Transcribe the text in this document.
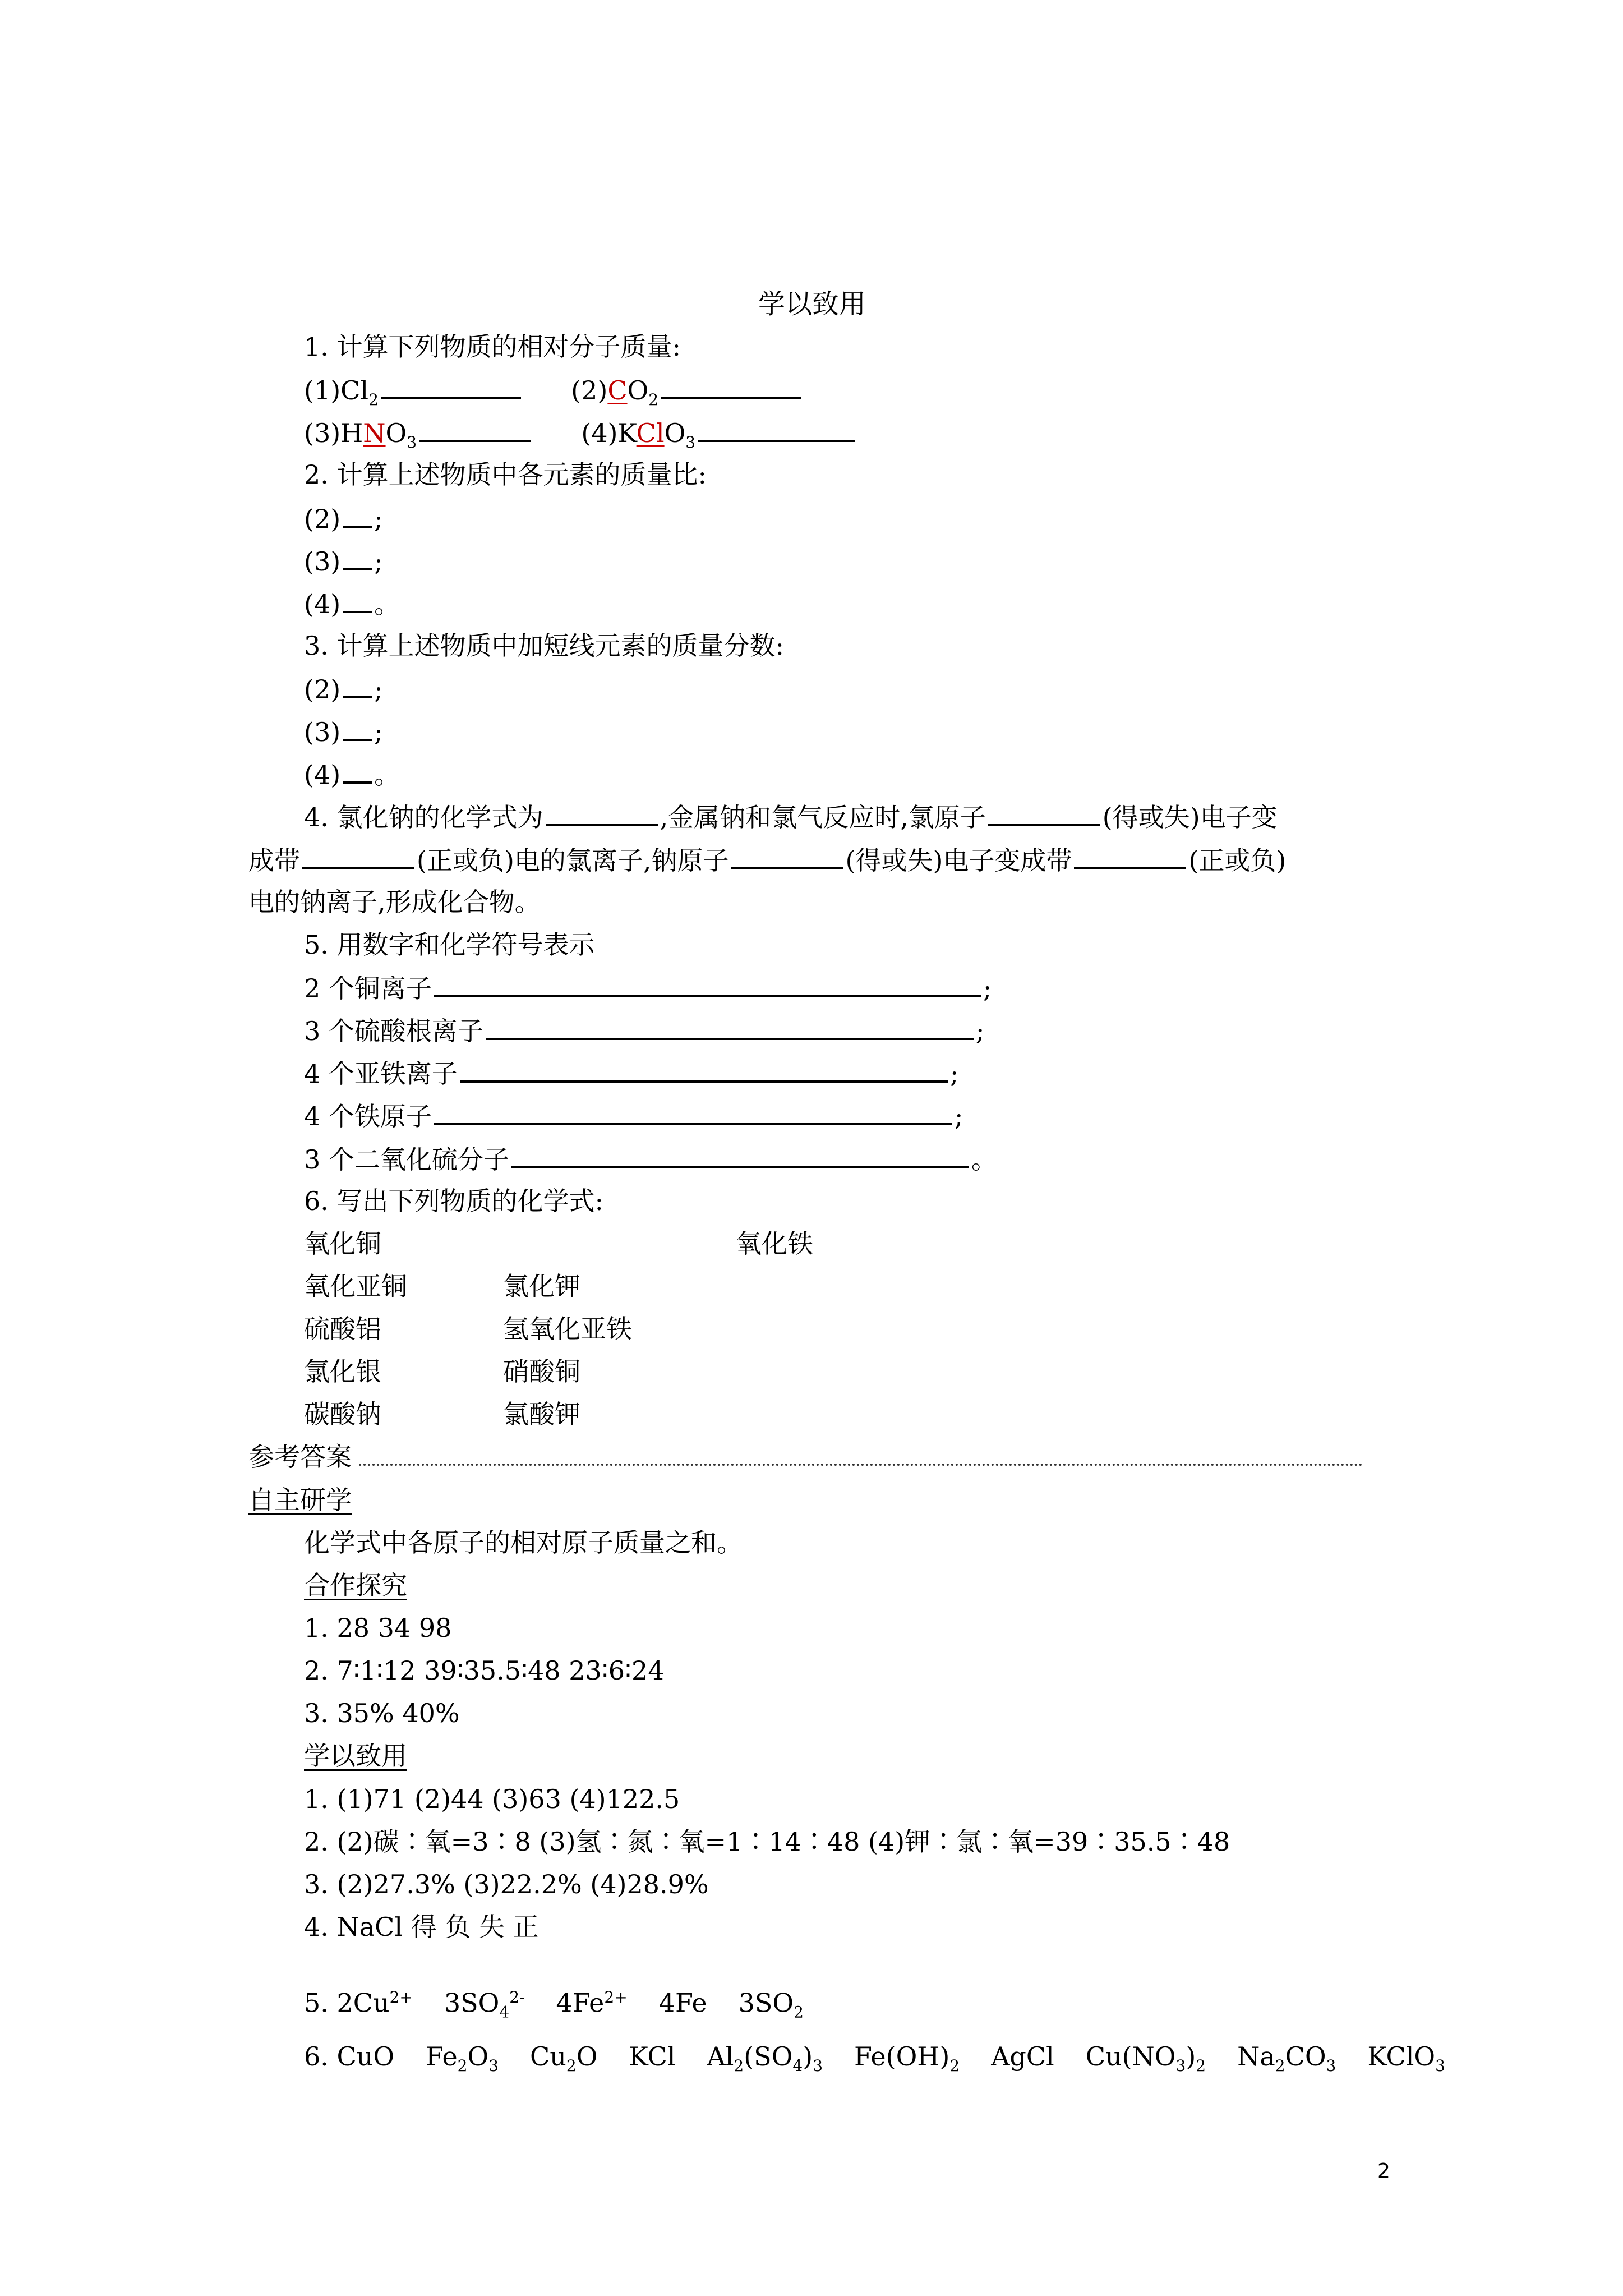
学以致用
1. 计算下列物质的相对分子质量:
$(1)Cl_2$	$(2)CO_2$
$(3)HNO_3$	(4)KClO$_3$
2. 计算上述物质中各元素的质量比:
(2) ;
(3) ;
(4) 。
3. 计算上述物质中加短线元素的质量分数:
(2) ;
(3) ;
(4) 。
4. 氯化钠的化学式为	,金属钠和氯气反应时,氯原子	(得或失)电子变
成带	(正或负)电的氯离子,钠原子	(得或失)电子变成带	(正或负)
电的钠离子,形成化合物。
5. 用数字和化学符号表示
2 个铜离子	;
3 个硫酸根离子	;
4 个亚铁离子	;
4 个铁原子	;
3 个二氧化硫分子	。
6. 写出下列物质的化学式:
氧化铜	氧化铁
氧化亚铜	氯化钾
硫酸铝	氢氧化亚铁
氯化银	硝酸铜
碳酸钠	氯酸钾
参考答案
自主研学
化学式中各原子的相对原子质量之和。
合作探究
1. 28 34 98
2. 7∶1∶12 39∶35.5∶48 23∶6∶24
3. 35% 40%
学以致用
1. (1)71 (2)44 (3)63 (4)122.5
2. (2)碳∶氧=3∶8 (3)氢∶氮∶氧=1∶14∶48 (4)钾∶氯∶氧=39∶35.5∶48
3. (2)27.3% (3)22.2% (4)28.9%
4. NaCl 得 负 失 正
5. $2Cu^{2+}$ $3SO_4^{2-}$ $4Fe^{2+}$ 4Fe $3SO_2$
6. CuO $Fe_2O_3$ $Cu_2O$ KCl $Al_2(SO_4)_3$ $Fe(OH)_2$ AgCl $Cu(NO_3)_2$ $Na_2CO_3$ KClO$_3$
2
